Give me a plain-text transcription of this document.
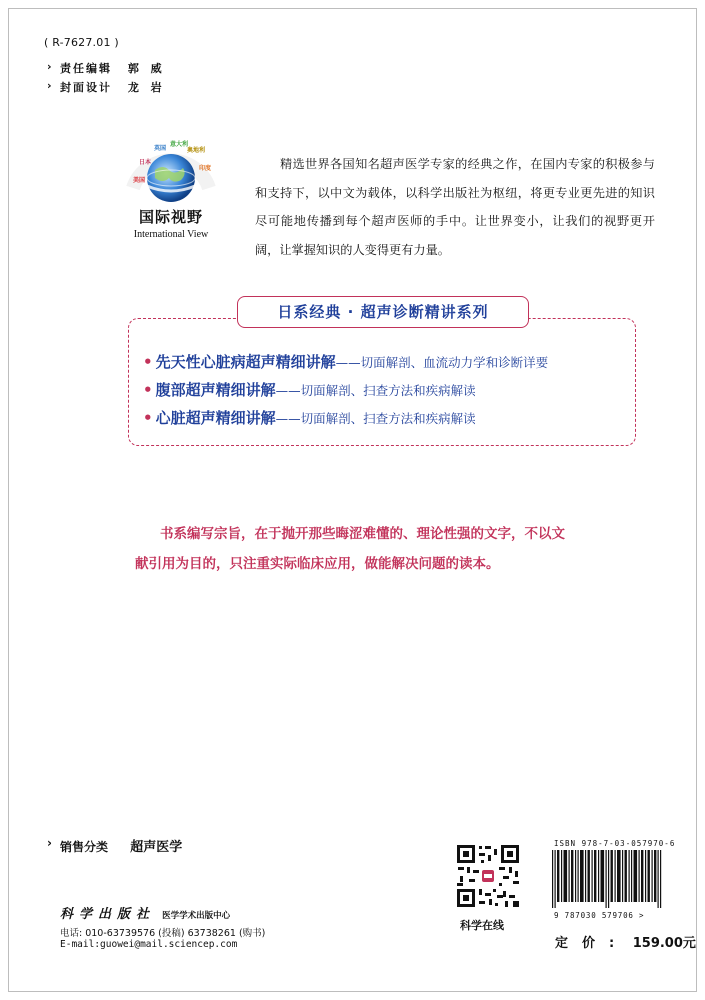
( R-7627.01 )
› 责任编辑 郭 威
› 封面设计 龙 岩
美国
日本
英国
意大利
奥地利
印度
国际视野
International View
精选世界各国知名超声医学专家的经典之作，在国内专家的积极参与和支持下，以中文为载体，以科学出版社为枢纽，将更专业更先进的知识尽可能地传播到每个超声医师的手中。让世界变小，让我们的视野更开阔，让掌握知识的人变得更有力量。
日系经典 · 超声诊断精讲系列
• 先天性心脏病超声精细讲解——切面解剖、血流动力学和诊断详要
• 腹部超声精细讲解——切面解剖、扫查方法和疾病解读
• 心脏超声精细讲解——切面解剖、扫查方法和疾病解读
书系编写宗旨，在于抛开那些晦涩难懂的、理论性强的文字，不以文献引用为目的，只注重实际临床应用，做能解决问题的读本。
› 销售分类 超声医学
科学出版社 医学学术出版中心
电话: 010-63739576 (投稿) 63738261 (购书)
E-mail:guowei@mail.sciencep.com
科学在线
ISBN 978-7-03-057970-6
9 787030 579706 >
定价: 159.00元
